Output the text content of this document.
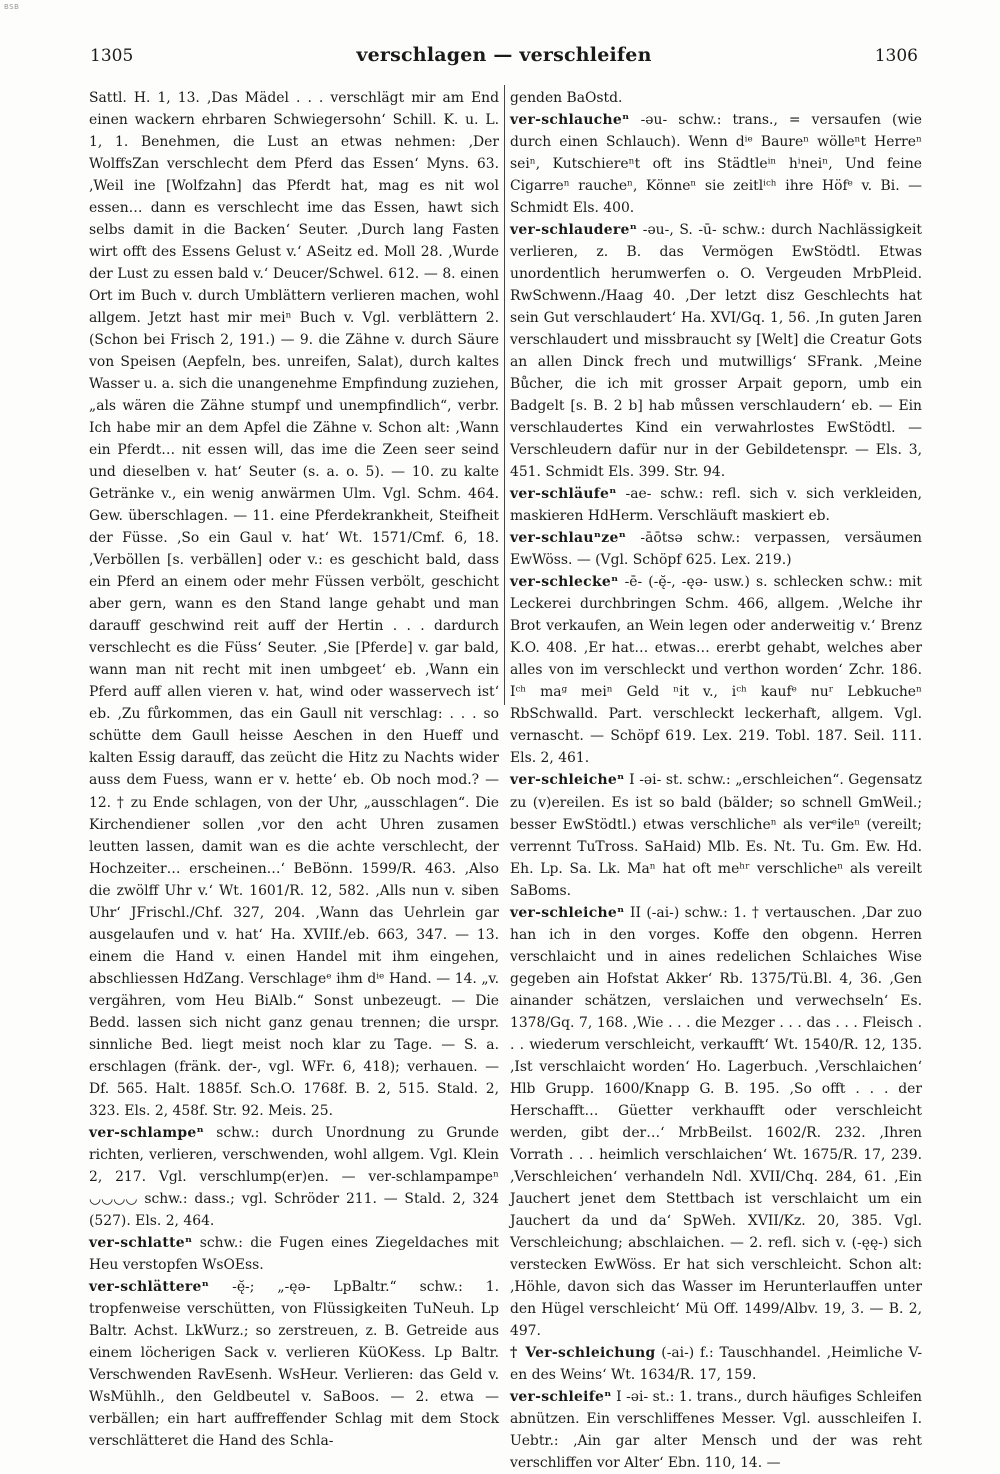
BSB
1305	verschlagen — verschleifen	1306

Sattl. H. 1, 13. ‚Das Mädel . . . verschlägt mir am End einen wackern ehrbaren Schwiegersohn‘ Schill. K. u. L. 1, 1. Benehmen, die Lust an etwas nehmen: ‚Der WolffsZan verschlecht dem Pferd das Essen‘ Myns. 63. ‚Weil ine [Wolfzahn] das Pferdt hat, mag es nit wol essen… dann es verschlecht ime das Essen, hawt sich selbs damit in die Backen‘ Seuter. ‚Durch lang Fasten wirt offt des Essens Gelust v.‘ ASeitz ed. Moll 28. ‚Wurde der Lust zu essen bald v.‘ Deucer/Schwel. 612. — 8. einen Ort im Buch v. durch Umblättern verlieren machen, wohl allgem. Jetzt hast mir meiⁿ Buch v. Vgl. verblättern 2. (Schon bei Frisch 2, 191.) — 9. die Zähne v. durch Säure von Speisen (Aepfeln, bes. unreifen, Salat), durch kaltes Wasser u. a. sich die unangenehme Empfindung zuziehen, „als wären die Zähne stumpf und unempfindlich“, verbr. Ich habe mir an dem Apfel die Zähne v. Schon alt: ‚Wann ein Pferdt… nit essen will, das ime die Zeen seer seind und dieselben v. hat‘ Seuter (s. a. o. 5). — 10. zu kalte Getränke v., ein wenig anwärmen Ulm. Vgl. Schm. 464. Gew. überschlagen. — 11. eine Pferdekrankheit, Steifheit der Füsse. ‚So ein Gaul v. hat‘ Wt. 1571/Cmf. 6, 18. ‚Verböllen [s. verbällen] oder v.: es geschicht bald, dass ein Pferd an einem oder mehr Füssen verbölt, geschicht aber gern, wann es den Stand lange gehabt und man darauff geschwind reit auff der Hertin . . . dardurch verschlecht es die Füss‘ Seuter. ‚Sie [Pferde] v. gar bald, wann man nit recht mit inen umbgeet‘ eb. ‚Wann ein Pferd auff allen vieren v. hat, wind oder wasservech ist‘ eb. ‚Zu fůrkommen, das ein Gaull nit verschlag: . . . so schütte dem Gaull heisse Aeschen in den Hueff und kalten Essig darauff, das zeücht die Hitz zu Nachts wider auss dem Fuess, wann er v. hette‘ eb. Ob noch mod.? — 12. † zu Ende schlagen, von der Uhr, „ausschlagen“. Die Kirchendiener sollen ‚vor den acht Uhren zusamen leutten lassen, damit wan es die achte verschlecht, der Hochzeiter… erscheinen…‘ BeBönn. 1599/R. 463. ‚Also die zwölff Uhr v.‘ Wt. 1601/R. 12, 582. ‚Alls nun v. siben Uhr‘ JFrischl./Chf. 327, 204. ‚Wann das Uehrlein gar ausgelaufen und v. hat‘ Ha. XVIIf./eb. 663, 347. — 13. einem die Hand v. einen Handel mit ihm eingehen, abschliessen HdZang. Verschlageᵉ ihm dⁱᵉ Hand. — 14. „v. vergähren, vom Heu BiAlb.“ Sonst unbezeugt. — Die Bedd. lassen sich nicht ganz genau trennen; die urspr. sinnliche Bed. liegt meist noch klar zu Tage. — S. a. erschlagen (fränk. der-, vgl. WFr. 6, 418); verhauen. — Df. 565. Halt. 1885f. Sch.O. 1768f. B. 2, 515. Stald. 2, 323. Els. 2, 458f. Str. 92. Meis. 25.

ver-schlampeⁿ schw.: durch Unordnung zu Grunde richten, verlieren, verschwenden, wohl allgem. Vgl. Klein 2, 217. Vgl. verschlump(er)en. — ver-schlampampeⁿ ◡◡◡◡ schw.: dass.; vgl. Schröder 211. — Stald. 2, 324 (527). Els. 2, 464.

ver-schlatteⁿ schw.: die Fugen eines Ziegeldaches mit Heu verstopfen WsOEss.

ver-schlättereⁿ -ę̆-; „-ęə- LpBaltr.“ schw.: 1. tropfenweise verschütten, von Flüssigkeiten TuNeuh. Lp Baltr. Achst. LkWurz.; so zerstreuen, z. B. Getreide aus einem löcherigen Sack v. verlieren KüOKess. Lp Baltr. Verschwenden RavEsenh. WsHeur. Verlieren: das Geld v. WsMühlh., den Geldbeutel v. SaBoos. — 2. etwa — verbällen; ein hart auffreffender Schlag mit dem Stock verschlätteret die Hand des Schla-

genden BaOstd.

ver-schlaucheⁿ -əu- schw.: trans., = versaufen (wie durch einen Schlauch). Wenn dⁱᵉ Baureⁿ wölleⁿt Herreⁿ seiⁿ, Kutschiereⁿt oft ins Städtleⁱⁿ hⁱneiⁿ, Und feine Cigarreⁿ raucheⁿ, Könneⁿ sie zeitlⁱᶜʰ ihre Höfᵉ v. Bi. — Schmidt Els. 400.

ver-schlaudereⁿ -əu-, S. -ū- schw.: durch Nachlässigkeit verlieren, z. B. das Vermögen EwStödtl. Etwas unordentlich herumwerfen o. O. Vergeuden MrbPleid. RwSchwenn./Haag 40. ‚Der letzt disz Geschlechts hat sein Gut verschlaudert‘ Ha. XVI/Gq. 1, 56. ‚In guten Jaren verschlaudert und missbraucht sy [Welt] die Creatur Gots an allen Dinck frech und mutwilligs‘ SFrank. ‚Meine Bůcher, die ich mit grosser Arpait geporn, umb ein Badgelt [s. B. 2 b] hab můssen verschlaudern‘ eb. — Ein verschlaudertes Kind ein verwahrlostes EwStödtl. — Verschleudern dafür nur in der Gebildetenspr. — Els. 3, 451. Schmidt Els. 399. Str. 94.

ver-schläufeⁿ -ae- schw.: refl. sich v. sich verkleiden, maskieren HdHerm. Verschläuft maskiert eb.

ver-schlauⁿzeⁿ -āōtsə schw.: verpassen, versäumen EwWöss. — (Vgl. Schöpf 625. Lex. 219.)

ver-schleckeⁿ -ē- (-ę̆-, -ęə- usw.) s. schlecken schw.: mit Leckerei durchbringen Schm. 466, allgem. ‚Welche ihr Brot verkaufen, an Wein legen oder anderweitig v.‘ Brenz K.O. 408. ‚Er hat… etwas… ererbt gehabt, welches aber alles von im verschleckt und verthon worden‘ Zchr. 186. Iᶜʰ maᵍ meiⁿ Geld ⁿit v., iᶜʰ kaufᵉ nuʳ Lebkucheⁿ RbSchwalld. Part. verschleckt leckerhaft, allgem. Vgl. vernascht. — Schöpf 619. Lex. 219. Tobl. 187. Seil. 111. Els. 2, 461.

ver-schleicheⁿ I -əi- st. schw.: „erschleichen“. Gegensatz zu (v)ereilen. Es ist so bald (bälder; so schnell GmWeil.; besser EwStödtl.) etwas verschlicheⁿ als verᵉileⁿ (vereilt; verrennt TuTross. SaHaid) Mlb. Es. Nt. Tu. Gm. Ew. Hd. Eh. Lp. Sa. Lk. Maⁿ hat oft meʰʳ verschlicheⁿ als vereilt SaBoms.

ver-schleicheⁿ II (-ai-) schw.: 1. † vertauschen. ‚Dar zuo han ich in den vorges. Koffe den obgenn. Herren verschlaicht und in aines redelichen Schlaiches Wise gegeben ain Hofstat Akker‘ Rb. 1375/Tü.Bl. 4, 36. ‚Gen ainander schätzen, verslaichen und verwechseln‘ Es. 1378/Gq. 7, 168. ‚Wie . . . die Mezger . . . das . . . Fleisch . . . wiederum verschleicht, verkaufft‘ Wt. 1540/R. 12, 135. ‚Ist verschlaicht worden‘ Ho. Lagerbuch. ‚Verschlaichen‘ Hlb Grupp. 1600/Knapp G. B. 195. ‚So offt . . . der Herschafft… Güetter verkhaufft oder verschleicht werden, gibt der…‘ MrbBeilst. 1602/R. 232. ‚Ihren Vorrath . . . heimlich verschlaichen‘ Wt. 1675/R. 17, 239. ‚Verschleichen‘ verhandeln Ndl. XVII/Chq. 284, 61. ‚Ein Jauchert jenet dem Stettbach ist verschlaicht um ein Jauchert da und da‘ SpWeh. XVII/Kz. 20, 385. Vgl. Verschleichung; abschlaichen. — 2. refl. sich v. (-ęę-) sich verstecken EwWöss. Er hat sich verschleicht. Schon alt: ‚Höhle, davon sich das Wasser im Herunterlauffen unter den Hügel verschleicht‘ Mü Off. 1499/Albv. 19, 3. — B. 2, 497.

† Ver-schleichung (-ai-) f.: Tauschhandel. ‚Heimliche V-en des Weins‘ Wt. 1634/R. 17, 159.

ver-schleifeⁿ I -əi- st.: 1. trans., durch häufiges Schleifen abnützen. Ein verschliffenes Messer. Vgl. ausschleifen I. Uebtr.: ‚Ain gar alter Mensch und der was reht verschliffen vor Alter‘ Ebn. 110, 14. —
